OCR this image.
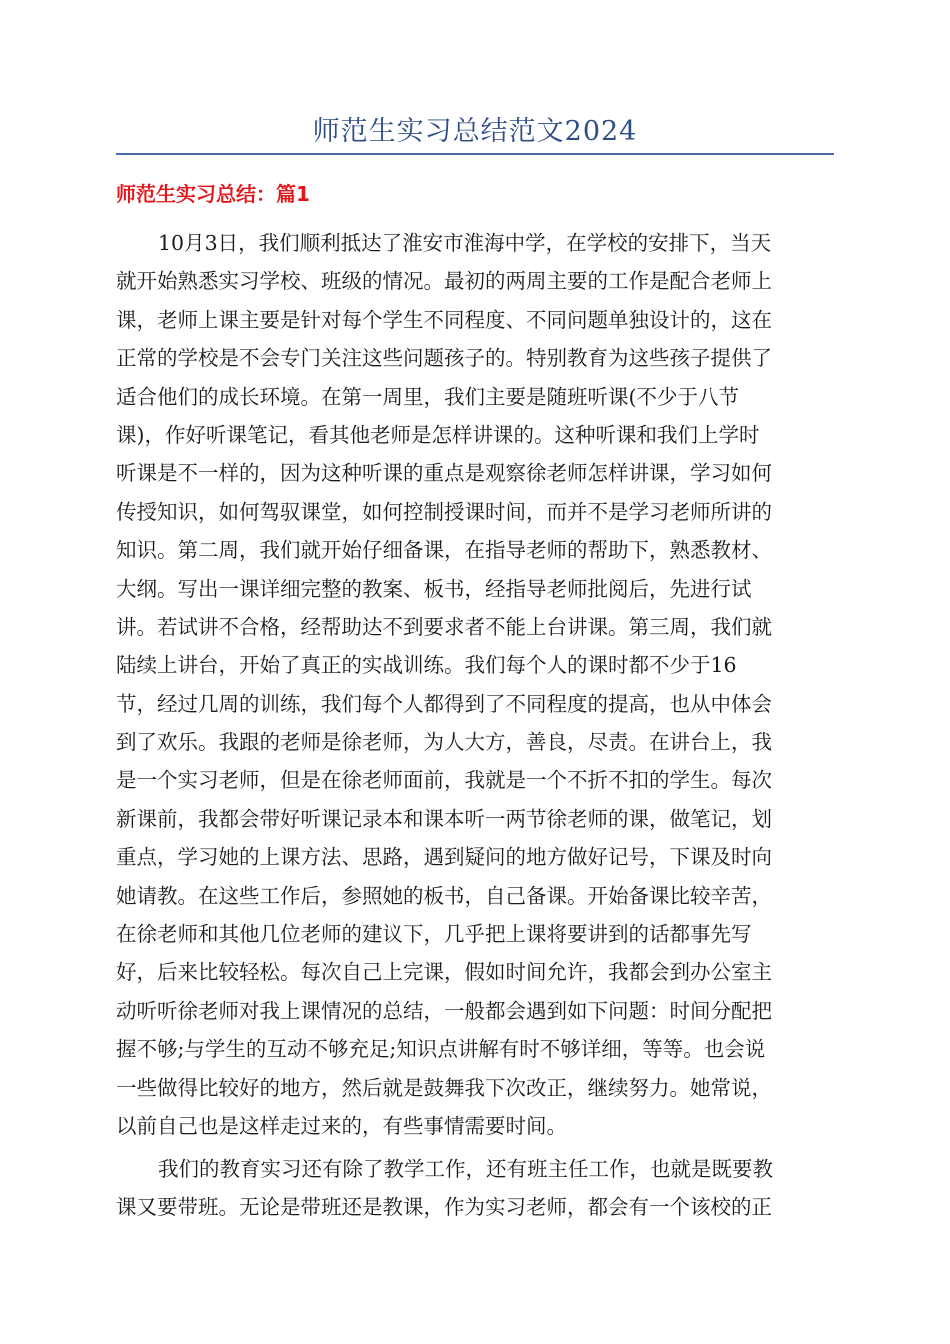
师范生实习总结范文2024
师范生实习总结：篇1
10月3日，我们顺利抵达了淮安市淮海中学，在学校的安排下，当天
就开始熟悉实习学校、班级的情况。最初的两周主要的工作是配合老师上
课，老师上课主要是针对每个学生不同程度、不同问题单独设计的，这在
正常的学校是不会专门关注这些问题孩子的。特别教育为这些孩子提供了
适合他们的成长环境。在第一周里，我们主要是随班听课(不少于八节
课)，作好听课笔记，看其他老师是怎样讲课的。这种听课和我们上学时
听课是不一样的，因为这种听课的重点是观察徐老师怎样讲课，学习如何
传授知识，如何驾驭课堂，如何控制授课时间，而并不是学习老师所讲的
知识。第二周，我们就开始仔细备课，在指导老师的帮助下，熟悉教材、
大纲。写出一课详细完整的教案、板书，经指导老师批阅后，先进行试
讲。若试讲不合格，经帮助达不到要求者不能上台讲课。第三周，我们就
陆续上讲台，开始了真正的实战训练。我们每个人的课时都不少于16
节，经过几周的训练，我们每个人都得到了不同程度的提高，也从中体会
到了欢乐。我跟的老师是徐老师，为人大方，善良，尽责。在讲台上，我
是一个实习老师，但是在徐老师面前，我就是一个不折不扣的学生。每次
新课前，我都会带好听课记录本和课本听一两节徐老师的课，做笔记，划
重点，学习她的上课方法、思路，遇到疑问的地方做好记号，下课及时向
她请教。在这些工作后，参照她的板书，自己备课。开始备课比较辛苦，
在徐老师和其他几位老师的建议下，几乎把上课将要讲到的话都事先写
好，后来比较轻松。每次自己上完课，假如时间允许，我都会到办公室主
动听听徐老师对我上课情况的总结，一般都会遇到如下问题：时间分配把
握不够;与学生的互动不够充足;知识点讲解有时不够详细，等等。也会说
一些做得比较好的地方，然后就是鼓舞我下次改正，继续努力。她常说，
以前自己也是这样走过来的，有些事情需要时间。
我们的教育实习还有除了教学工作，还有班主任工作，也就是既要教
课又要带班。无论是带班还是教课，作为实习老师，都会有一个该校的正
